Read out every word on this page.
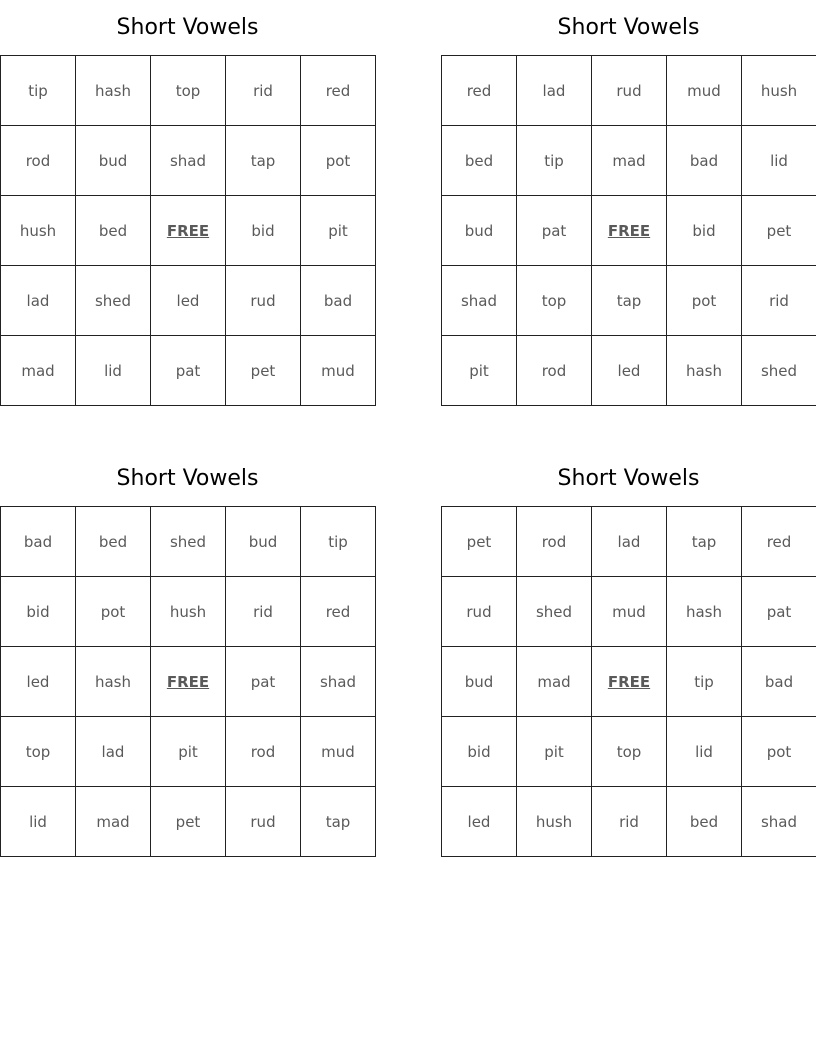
Short Vowels
tip	hash	top	rid	red
rod	bud	shad	tap	pot
hush	bed	FREE	bid	pit
lad	shed	led	rud	bad
mad	lid	pat	pet	mud
Short Vowels
red	lad	rud	mud	hush
bed	tip	mad	bad	lid
bud	pat	FREE	bid	pet
shad	top	tap	pot	rid
pit	rod	led	hash	shed
Short Vowels
bad	bed	shed	bud	tip
bid	pot	hush	rid	red
led	hash	FREE	pat	shad
top	lad	pit	rod	mud
lid	mad	pet	rud	tap
Short Vowels
pet	rod	lad	tap	red
rud	shed	mud	hash	pat
bud	mad	FREE	tip	bad
bid	pit	top	lid	pot
led	hush	rid	bed	shad
